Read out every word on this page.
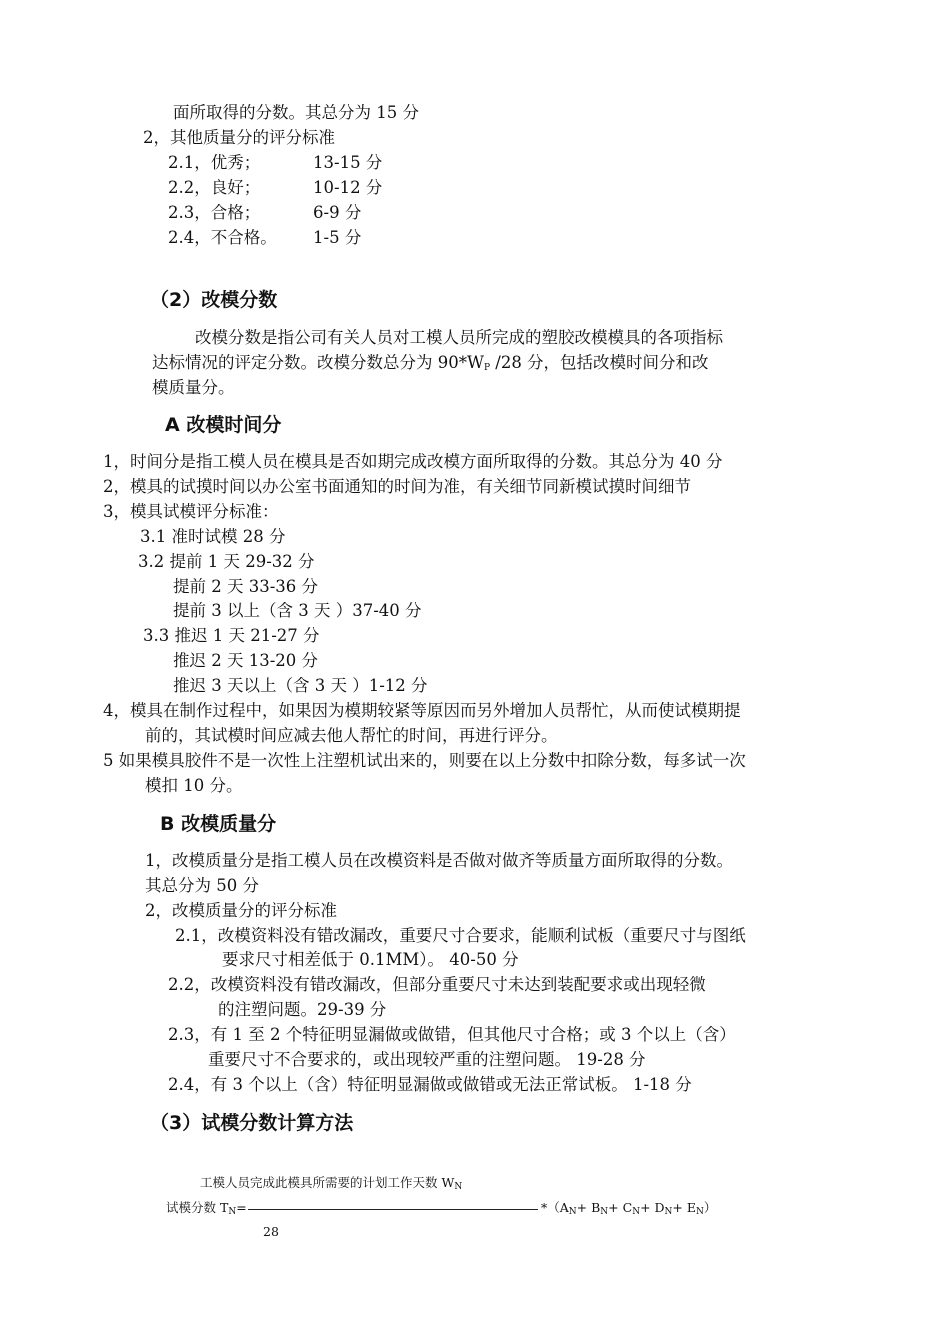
面所取得的分数。其总分为 15 分
2，其他质量分的评分标准
2.1，优秀；	13-15 分
2.2，良好；	10-12 分
2.3，合格；	6-9 分
2.4，不合格。 1-5 分
（2）改模分数
改模分数是指公司有关人员对工模人员所完成的塑胶改模模具的各项指标
达标情况的评定分数。改模分数总分为 $90*W_P$ /28 分，包括改模时间分和改
模质量分。
A 改模时间分
1，时间分是指工模人员在模具是否如期完成改模方面所取得的分数。其总分为 40 分
2，模具的试摸时间以办公室书面通知的时间为准，有关细节同新模试摸时间细节
3，模具试模评分标准：
3.1 准时试模 28 分
3.2 提前 1 天 29-32 分
提前 2 天 33-36 分
提前 3 以上（含 3 天 ）37-40 分
3.3 推迟 1 天 21-27 分
推迟 2 天 13-20 分
推迟 3 天以上（含 3 天 ）1-12 分
4，模具在制作过程中，如果因为模期较紧等原因而另外增加人员帮忙，从而使试模期提
前的，其试模时间应减去他人帮忙的时间，再进行评分。
5 如果模具胶件不是一次性上注塑机试出来的，则要在以上分数中扣除分数，每多试一次
模扣 10 分。
B 改模质量分
1，改模质量分是指工模人员在改模资料是否做对做齐等质量方面所取得的分数。
其总分为 50 分
2，改模质量分的评分标准
2.1，改模资料没有错改漏改，重要尺寸合要求，能顺利试板（重要尺寸与图纸
要求尺寸相差低于 0.1MM）。 40-50 分
2.2，改模资料没有错改漏改，但部分重要尺寸未达到装配要求或出现轻微
的注塑问题。29-39 分
2.3，有 1 至 2 个特征明显漏做或做错，但其他尺寸合格；或 3 个以上（含）
重要尺寸不合要求的，或出现较严重的注塑问题。 19-28 分
2.4，有 3 个以上（含）特征明显漏做或做错或无法正常试板。 1-18 分
（3）试模分数计算方法
工模人员完成此模具所需要的计划工作天数 $W_N$
试模分数 $T_N=$	$*(A_N+ B_N+ C_N+ D_N+ E_N)$
28
